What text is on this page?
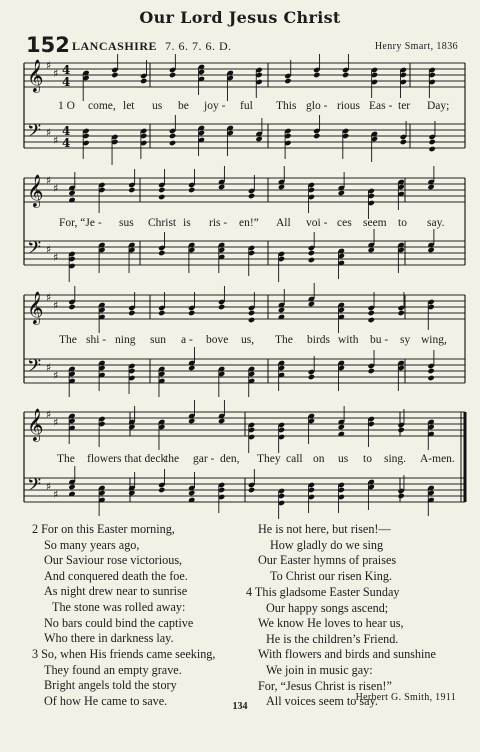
Our Lord Jesus Christ
152 LANCASHIRE 7. 6. 7. 6. D.	Henry Smart, 1836
𝄞 ♯
♯ 4
4
𝄢 ♯
♯
4
4
𝄞 ♯
♯
𝄢 ♯
♯
𝄞 ♯
♯
𝄢 ♯
♯
𝄞 ♯
♯
𝄢 ♯
♯
1 O come, let us be joy - ful This glo - rious Eas - ter Day;
For, “Je - sus Christ is ris - en!” All voi - ces seem to say.
The shi - ning sun a - bove us, The birds with bu - sy wing,
The flowers that deck
the gar - den, They call on us to sing. A-men.
2 For on this Easter morning,
So many years ago,
Our Saviour rose victorious,
And conquered death the foe.
As night drew near to sunrise
The stone was rolled away:
No bars could bind the captive
Who there in darkness lay.
3 So, when His friends came seeking,
They found an empty grave.
Bright angels told the story
Of how He came to save.
He is not here, but risen!—
How gladly do we sing
Our Easter hymns of praises
To Christ our risen King.
4 This gladsome Easter Sunday
Our happy songs ascend;
We know He loves to hear us,
He is the children’s Friend.
With flowers and birds and sunshine
We join in music gay:
For, “Jesus Christ is risen!”
All voices seem to say.
Herbert G. Smith, 1911
134
